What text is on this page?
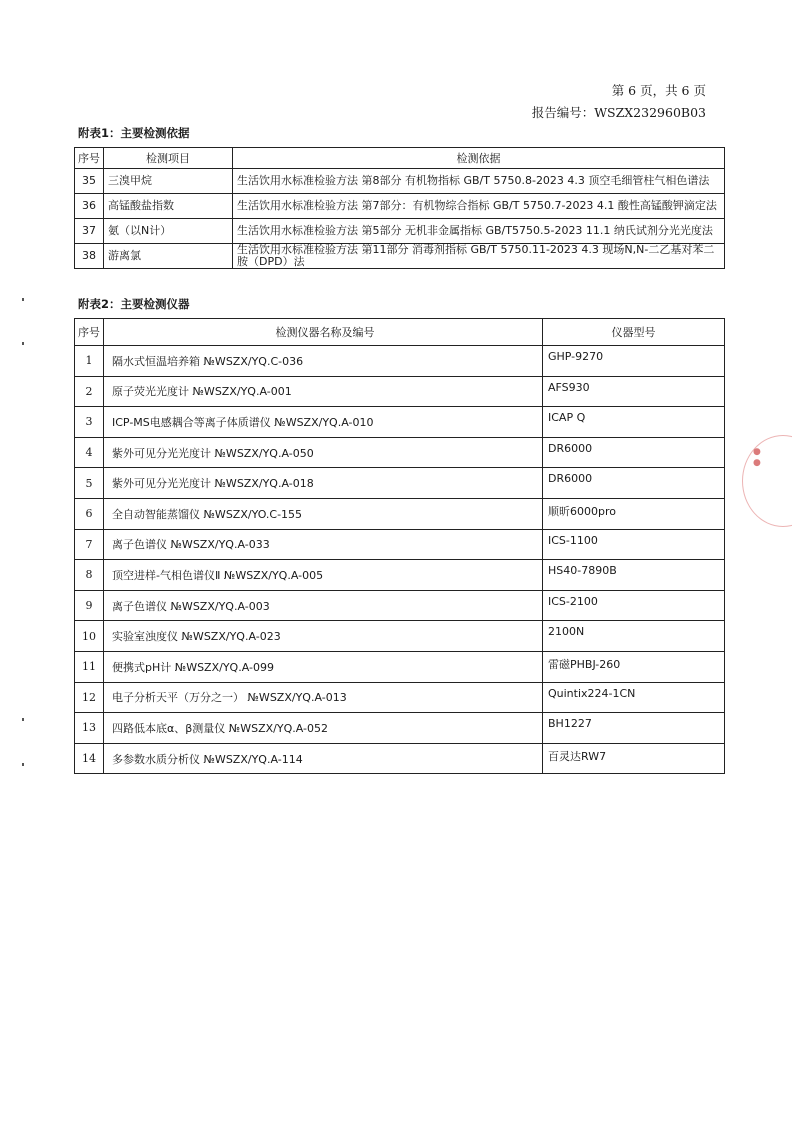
第 6 页，共 6 页
报告编号：WSZX232960B03
附表1：主要检测依据
序号	检测项目	检测依据
35	三溴甲烷	生活饮用水标准检验方法 第8部分 有机物指标 GB/T 5750.8-2023 4.3 顶空毛细管柱气相色谱法
36	高锰酸盐指数	生活饮用水标准检验方法 第7部分：有机物综合指标 GB/T 5750.7-2023 4.1 酸性高锰酸钾滴定法
37	氨（以N计）	生活饮用水标准检验方法 第5部分 无机非金属指标 GB/T5750.5-2023 11.1 纳氏试剂分光光度法
38	游离氯	生活饮用水标准检验方法 第11部分 消毒剂指标 GB/T 5750.11-2023 4.3 现场N,N-二乙基对苯二胺（DPD）法
附表2：主要检测仪器
序号	检测仪器名称及编号	仪器型号
1	隔水式恒温培养箱 №WSZX/YQ.C-036	GHP-9270
2	原子荧光光度计 №WSZX/YQ.A-001	AFS930
3	ICP-MS电感耦合等离子体质谱仪 №WSZX/YQ.A-010	ICAP Q
4	紫外可见分光光度计 №WSZX/YQ.A-050	DR6000
5	紫外可见分光光度计 №WSZX/YQ.A-018	DR6000
6	全自动智能蒸馏仪 №WSZX/YO.C-155	顺昕6000pro
7	离子色谱仪 №WSZX/YQ.A-033	ICS-1100
8	顶空进样-气相色谱仪Ⅱ №WSZX/YQ.A-005	HS40-7890B
9	离子色谱仪 №WSZX/YQ.A-003	ICS-2100
10	实验室浊度仪 №WSZX/YQ.A-023	2100N
11	便携式pH计 №WSZX/YQ.A-099	雷磁PHBJ-260
12	电子分析天平（万分之一） №WSZX/YQ.A-013	Quintix224-1CN
13	四路低本底α、β测量仪 №WSZX/YQ.A-052	BH1227
14	多参数水质分析仪 №WSZX/YQ.A-114	百灵达RW7
●
●
